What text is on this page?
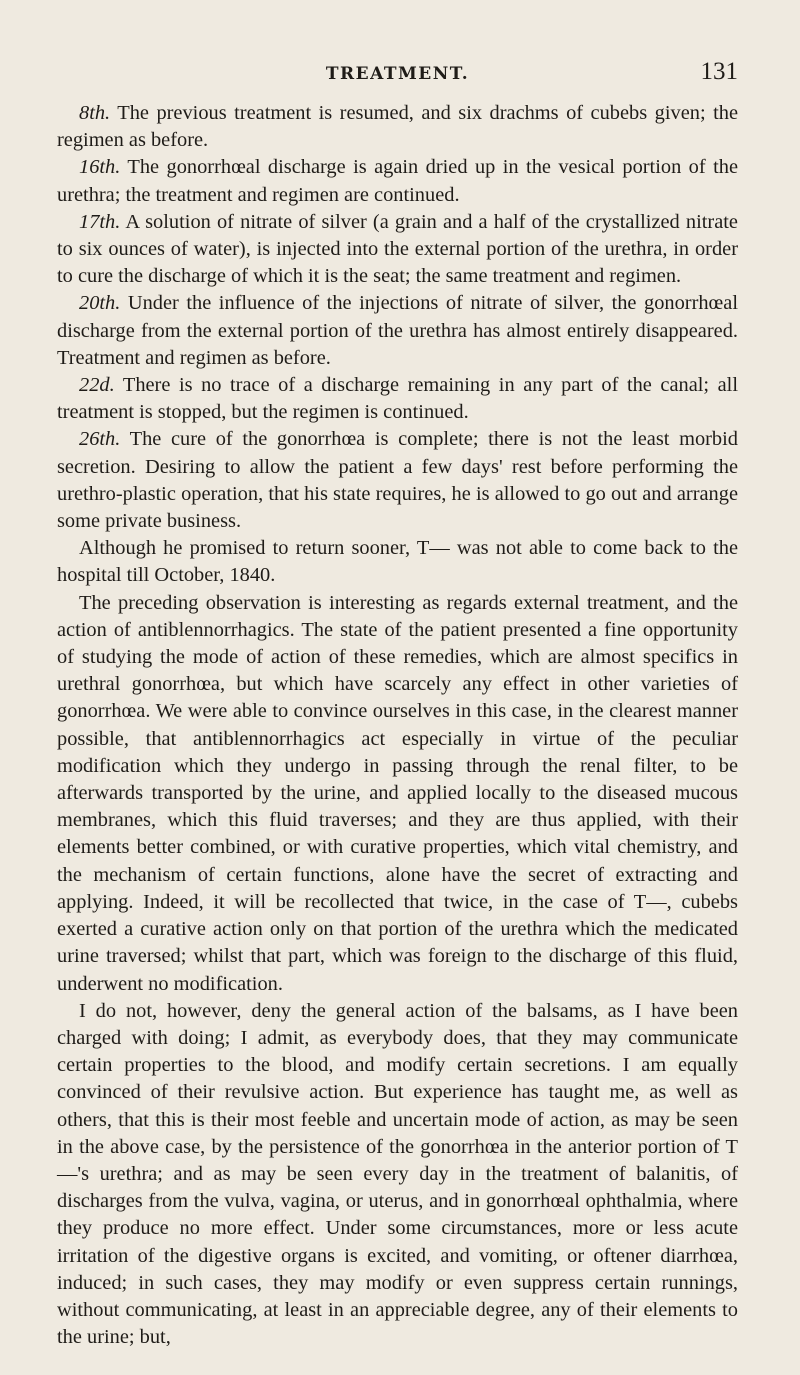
TREATMENT.	131

8th. The previous treatment is resumed, and six drachms of cubebs given; the regimen as before.

16th. The gonorrhœal discharge is again dried up in the vesical portion of the urethra; the treatment and regimen are continued.

17th. A solution of nitrate of silver (a grain and a half of the crystallized nitrate to six ounces of water), is injected into the external portion of the urethra, in order to cure the discharge of which it is the seat; the same treatment and regimen.

20th. Under the influence of the injections of nitrate of silver, the gonorrhœal discharge from the external portion of the urethra has almost entirely disappeared. Treatment and regimen as before.

22d. There is no trace of a discharge remaining in any part of the canal; all treatment is stopped, but the regimen is continued.

26th. The cure of the gonorrhœa is complete; there is not the least morbid secretion. Desiring to allow the patient a few days' rest before performing the urethro-plastic operation, that his state requires, he is allowed to go out and arrange some private business.

Although he promised to return sooner, T— was not able to come back to the hospital till October, 1840.

The preceding observation is interesting as regards external treatment, and the action of antiblennorrhagics. The state of the patient presented a fine opportunity of studying the mode of action of these remedies, which are almost specifics in urethral gonorrhœa, but which have scarcely any effect in other varieties of gonorrhœa. We were able to convince ourselves in this case, in the clearest manner possible, that antiblennorrhagics act especially in virtue of the peculiar modification which they undergo in passing through the renal filter, to be afterwards transported by the urine, and applied locally to the diseased mucous membranes, which this fluid traverses; and they are thus applied, with their elements better combined, or with curative properties, which vital chemistry, and the mechanism of certain functions, alone have the secret of extracting and applying. Indeed, it will be recollected that twice, in the case of T—, cubebs exerted a curative action only on that portion of the urethra which the medicated urine traversed; whilst that part, which was foreign to the discharge of this fluid, underwent no modification.

I do not, however, deny the general action of the balsams, as I have been charged with doing; I admit, as everybody does, that they may communicate certain properties to the blood, and modify certain secretions. I am equally convinced of their revulsive action. But experience has taught me, as well as others, that this is their most feeble and uncertain mode of action, as may be seen in the above case, by the persistence of the gonorrhœa in the anterior portion of T—'s urethra; and as may be seen every day in the treatment of balanitis, of discharges from the vulva, vagina, or uterus, and in gonorrhœal ophthalmia, where they produce no more effect. Under some circumstances, more or less acute irritation of the digestive organs is excited, and vomiting, or oftener diarrhœa, induced; in such cases, they may modify or even suppress certain runnings, without communicating, at least in an appreciable degree, any of their elements to the urine; but,
